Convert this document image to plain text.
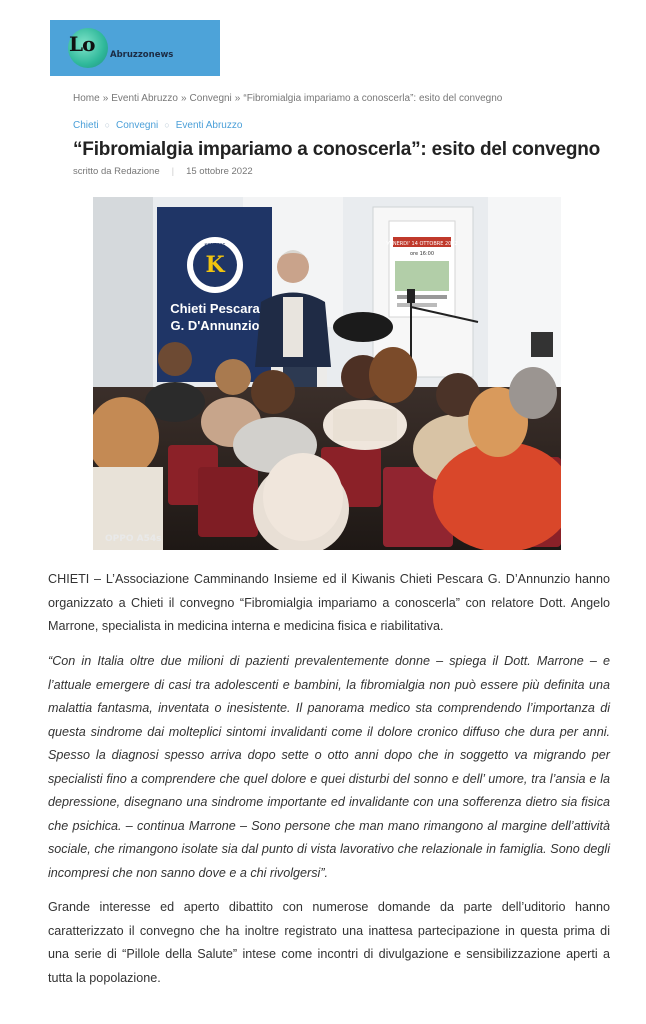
Lo Abruzzonews
Home » Eventi Abruzzo » Convegni » “Fibromialgia impariamo a conoscerla”: esito del convegno
Chieti ○ Convegni ○ Eventi Abruzzo
“Fibromialgia impariamo a conoscerla”: esito del convegno
scritto da Redazione | 15 ottobre 2022
VENERDI' 14 OTTOBRE 2022
ore 16:00
K
KIWANIS
Chieti Pescara
G. D'Annunzio
OPPO A54s

CHIETI – L’Associazione Camminando Insieme ed il Kiwanis Chieti Pescara G. D’Annunzio hanno organizzato a Chieti il convegno “Fibromialgia impariamo a conoscerla” con relatore Dott. Angelo Marrone, specialista in medicina interna e medicina fisica e riabilitativa.

“Con in Italia oltre due milioni di pazienti prevalentemente donne – spiega il Dott. Marrone – e l’attuale emergere di casi tra adolescenti e bambini, la fibromialgia non può essere più definita una malattia fantasma, inventata o inesistente. Il panorama medico sta comprendendo l’importanza di questa sindrome dai molteplici sintomi invalidanti come il dolore cronico diffuso che dura per anni. Spesso la diagnosi spesso arriva dopo sette o otto anni dopo che in soggetto va migrando per specialisti fino a comprendere che quel dolore e quei disturbi del sonno e dell’ umore, tra l’ansia e la depressione, disegnano una sindrome importante ed invalidante con una sofferenza dietro sia fisica che psichica. – continua Marrone – Sono persone che man mano rimangono al margine dell’attività sociale, che rimangono isolate sia dal punto di vista lavorativo che relazionale in famiglia. Sono degli incompresi che non sanno dove e a chi rivolgersi”.

Grande interesse ed aperto dibattito con numerose domande da parte dell’uditorio hanno caratterizzato il convegno che ha inoltre registrato una inattesa partecipazione in questa prima di una serie di “Pillole della Salute” intese come incontri di divulgazione e sensibilizzazione aperti a tutta la popolazione.
